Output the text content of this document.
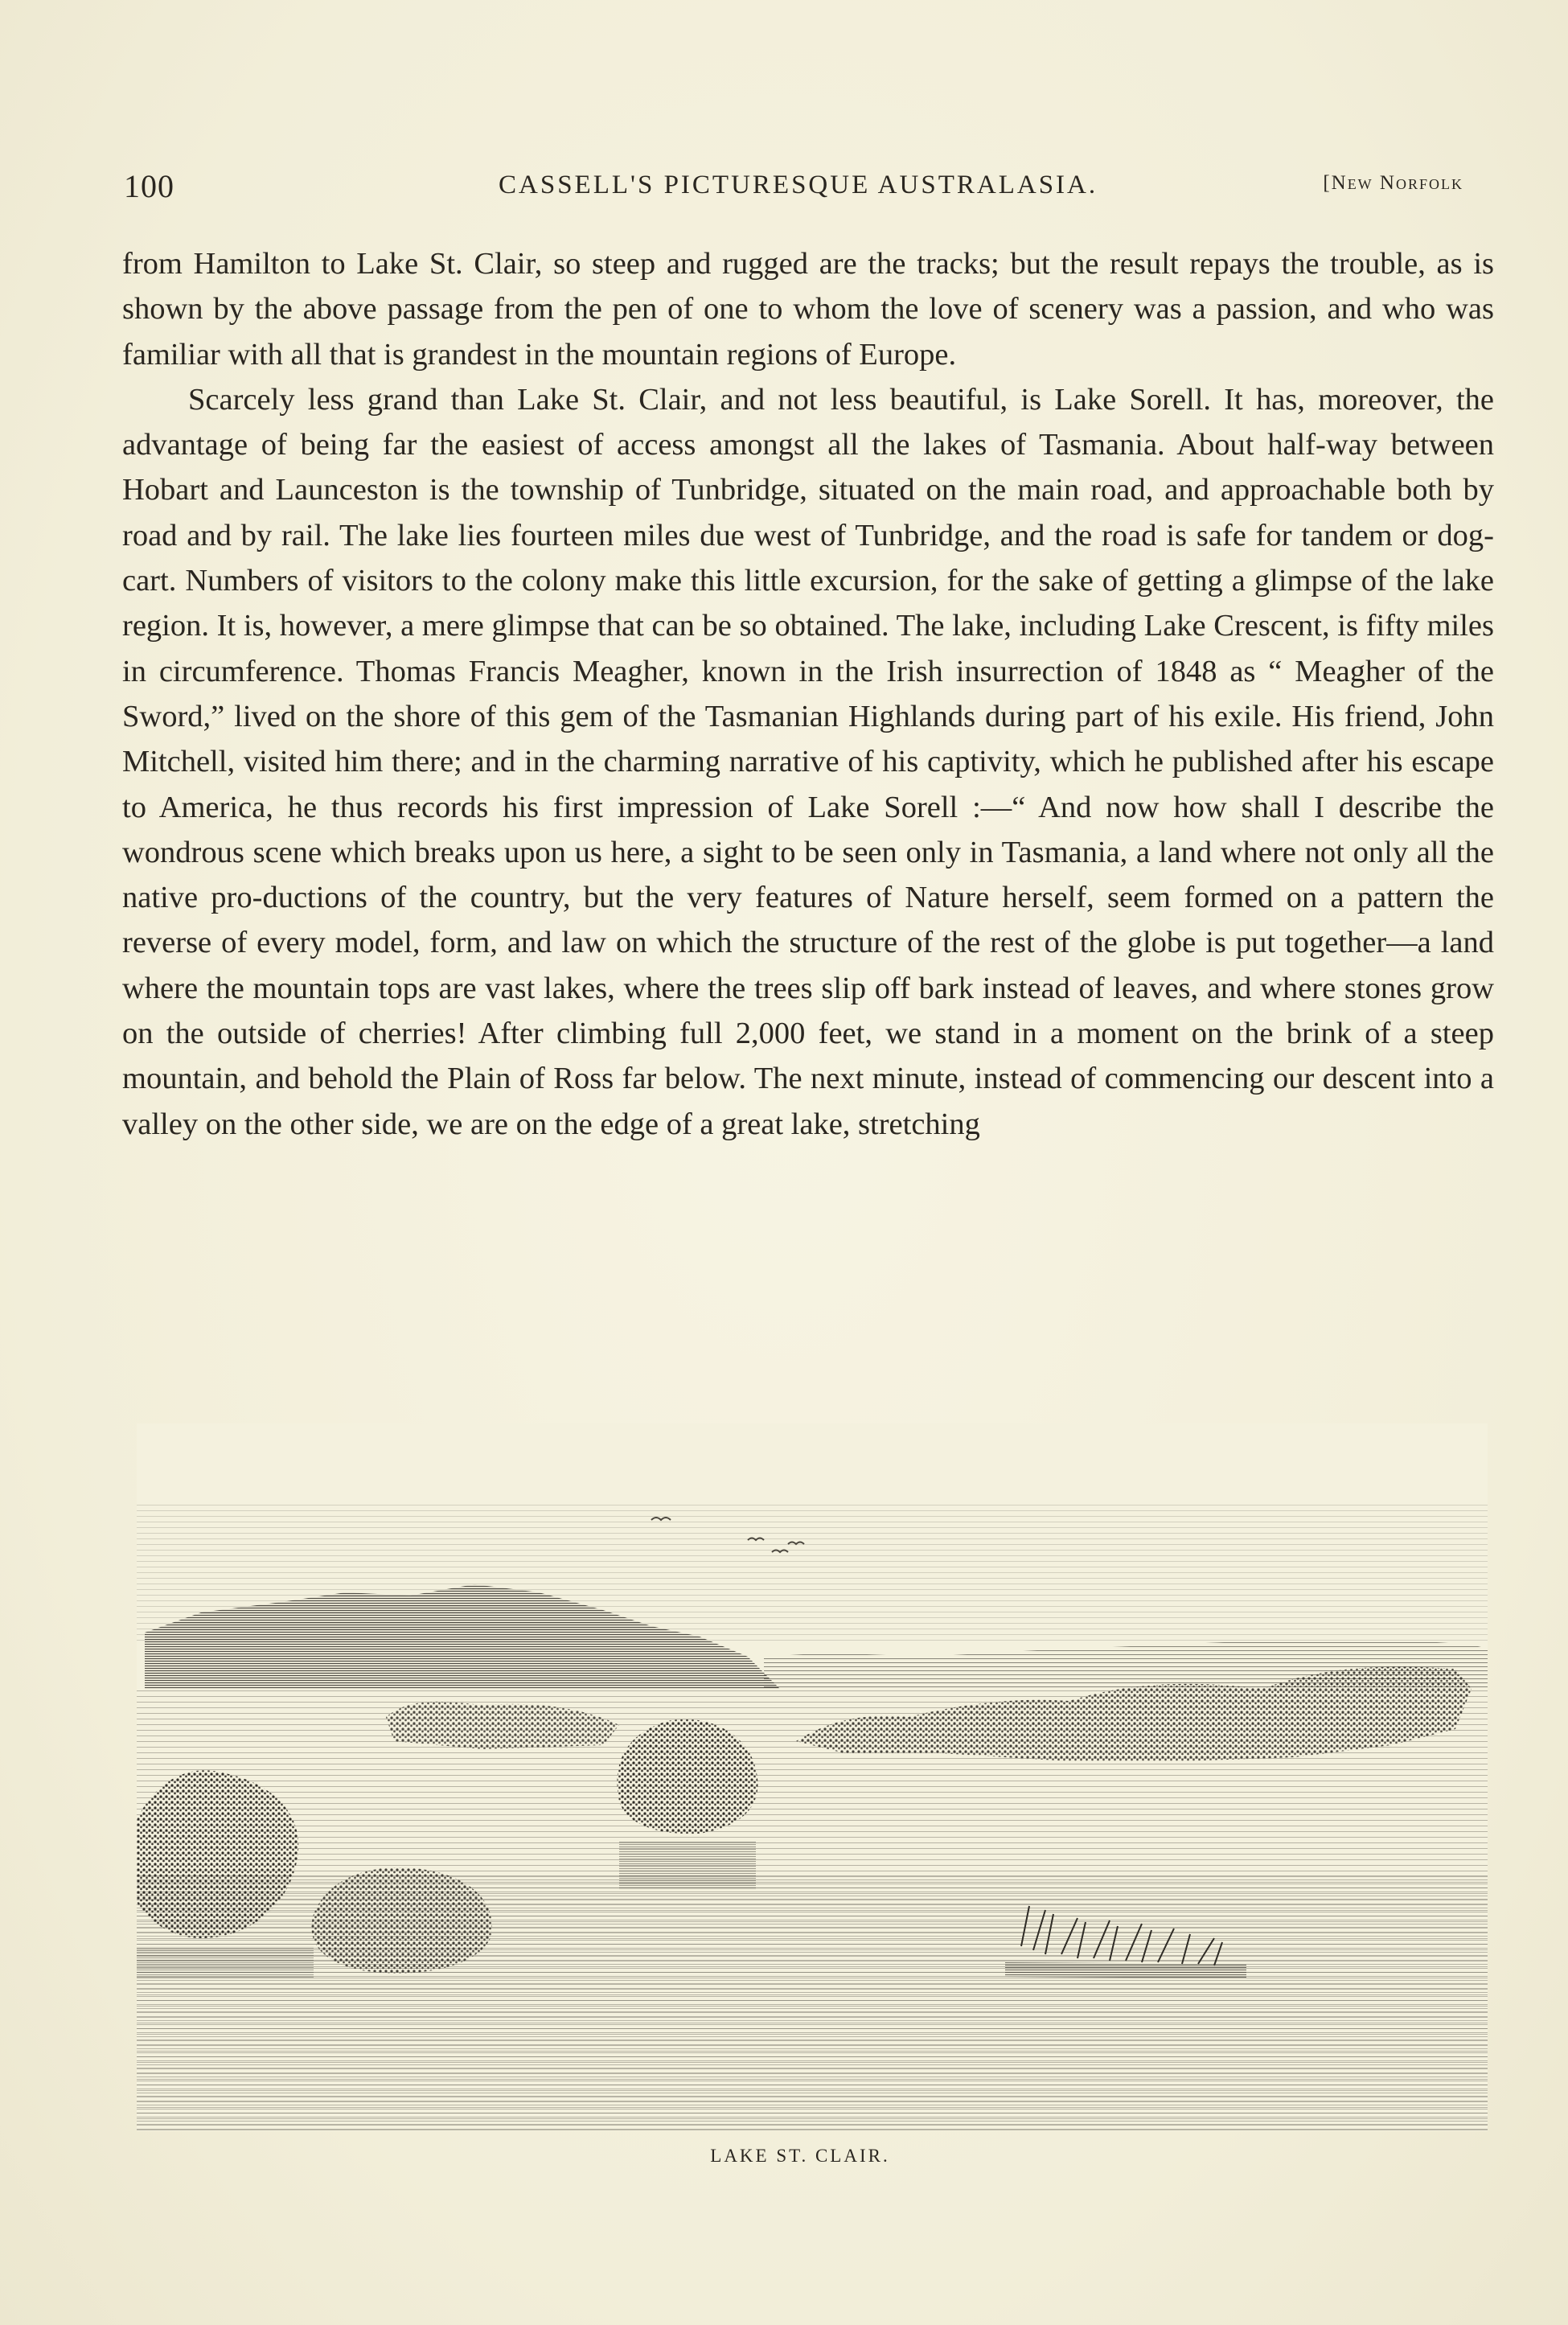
100	CASSELL'S PICTURESQUE AUSTRALASIA.	[New Norfolk

from Hamilton to Lake St. Clair, so steep and rugged are the tracks; but the result repays the trouble, as is shown by the above passage from the pen of one to whom the love of scenery was a passion, and who was familiar with all that is grandest in the mountain regions of Europe.

Scarcely less grand than Lake St. Clair, and not less beautiful, is Lake Sorell. It has, moreover, the advantage of being far the easiest of access amongst all the lakes of Tasmania. About half-way between Hobart and Launceston is the township of Tunbridge, situated on the main road, and approachable both by road and by rail. The lake lies fourteen miles due west of Tunbridge, and the road is safe for tandem or dog-cart. Numbers of visitors to the colony make this little excursion, for the sake of getting a glimpse of the lake region. It is, however, a mere glimpse that can be so obtained. The lake, including Lake Crescent, is fifty miles in circumference. Thomas Francis Meagher, known in the Irish insurrection of 1848 as “ Meagher of the Sword,” lived on the shore of this gem of the Tasmanian Highlands during part of his exile. His friend, John Mitchell, visited him there; and in the charming narrative of his captivity, which he published after his escape to America, he thus records his first impression of Lake Sorell :—“ And now how shall I describe the wondrous scene which breaks upon us here, a sight to be seen only in Tasmania, a land where not only all the native pro-ductions of the country, but the very features of Nature herself, seem formed on a pattern the reverse of every model, form, and law on which the structure of the rest of the globe is put together—a land where the mountain tops are vast lakes, where the trees slip off bark instead of leaves, and where stones grow on the outside of cherries! After climbing full 2,000 feet, we stand in a moment on the brink of a steep mountain, and behold the Plain of Ross far below. The next minute, instead of commencing our descent into a valley on the other side, we are on the edge of a great lake, stretching

LAKE ST. CLAIR.
